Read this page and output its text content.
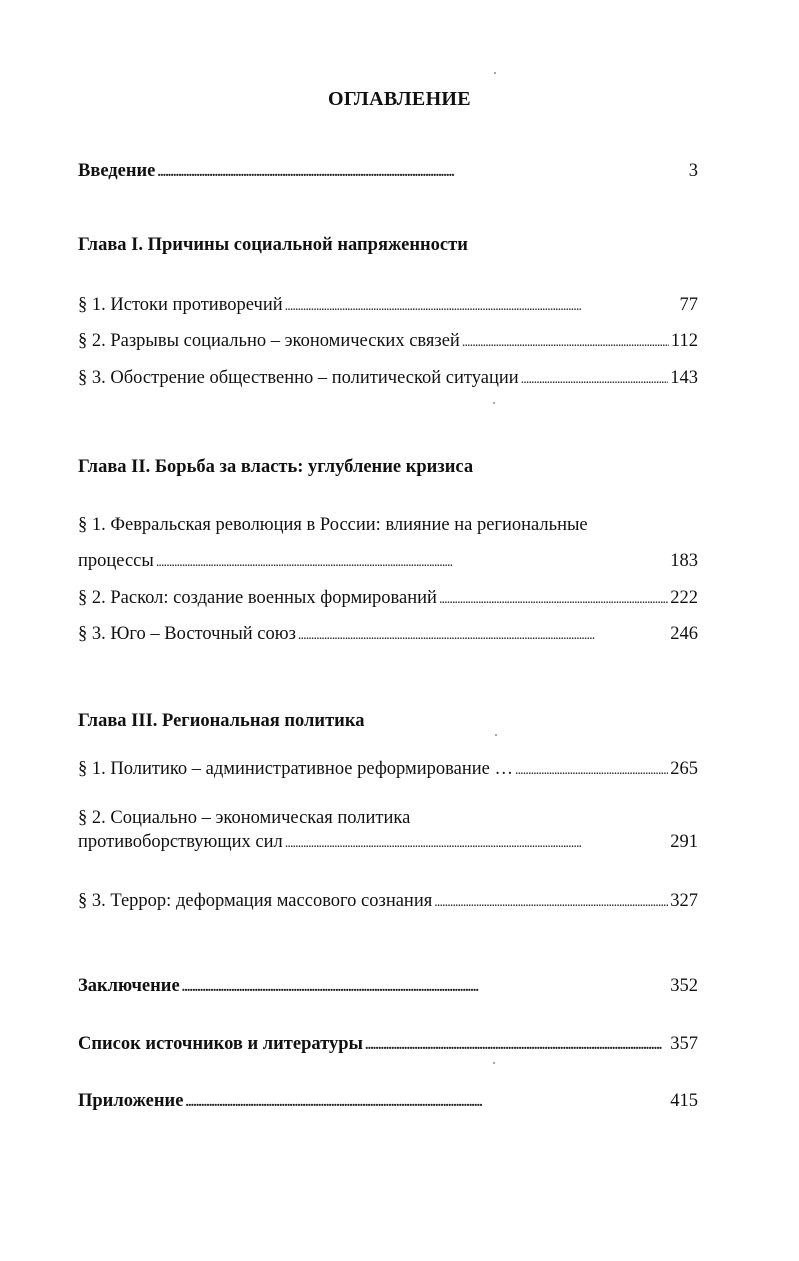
ОГЛАВЛЕНИЕ
Введение . . .	3
Глава I. Причины социальной напряженности
§ 1. Истоки противоречий . . .	77
§ 2. Разрывы социально – экономических связей . . .	112
§ 3. Обострение общественно – политической ситуации . . .	143
Глава II. Борьба за власть: углубление кризиса
§ 1. Февральская революция в России: влияние на региональные
процессы . . .	183
§ 2. Раскол: создание военных формирований . . .	222
§ 3. Юго – Восточный союз . . .	246
Глава III. Региональная политика
§ 1. Политико – административное реформирование … . . .	265
§ 2. Социально – экономическая политика
противоборствующих сил . . .	291
§ 3. Террор: деформация массового сознания . . .	327
Заключение . . .	352
Список источников и литературы . . .	357
Приложение . . .	415
